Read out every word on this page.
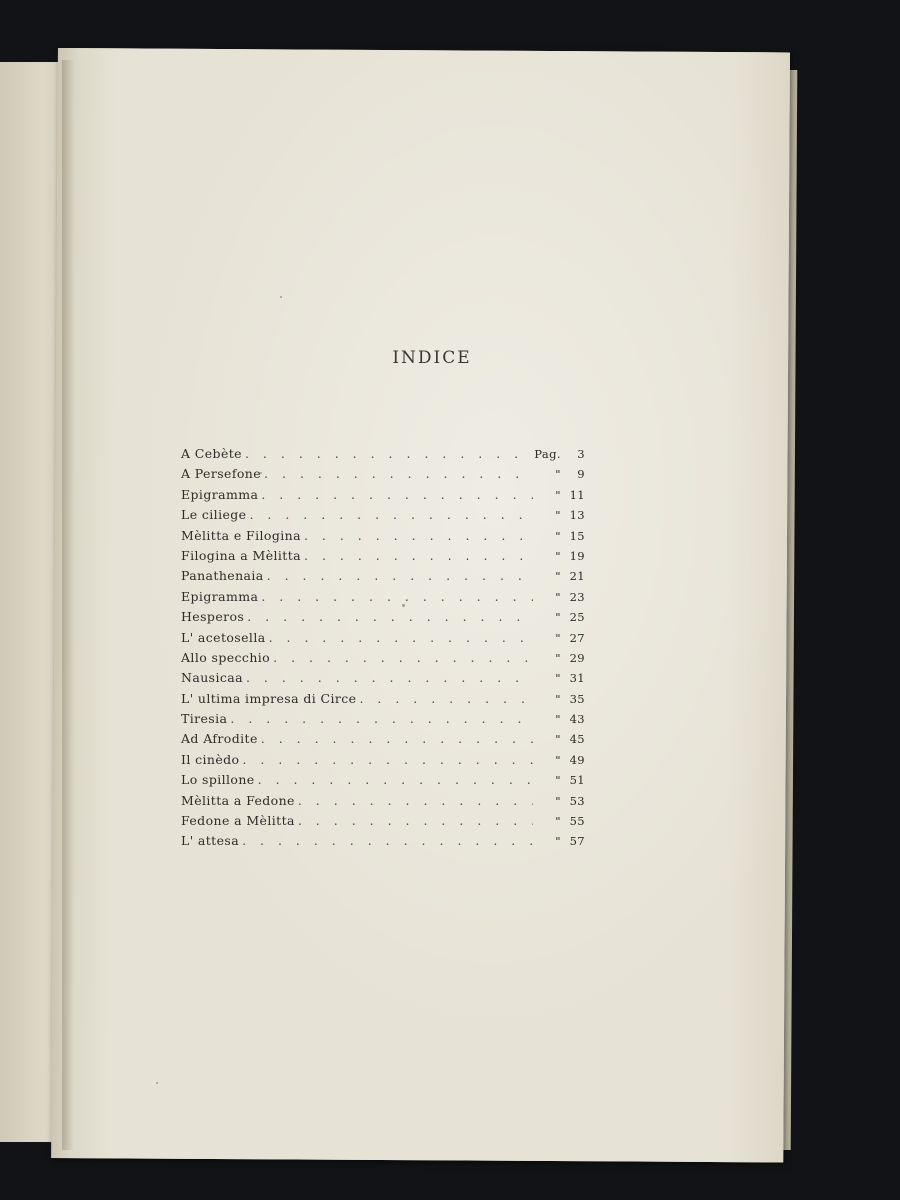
INDICE
A Cebète . . .	Pag.	3
A Persefone . . .	"	9
Epigramma . . .	" 11
Le ciliege . . .	" 13
Mèlitta e Filogina . . .	" 15
Filogina a Mèlitta . . .	" 19
Panathenaia . . .	" 21
Epigramma . . .	" 23
Hesperos . . .	" 25
L' acetosella . . .	" 27
Allo specchio . . .	" 29
Nausicaa . . .	" 31
L' ultima impresa di Circe . . .	" 35
Tiresia . . .	" 43
Ad Afrodite . . .	" 45
Il cinèdo . . .	" 49
Lo spillone . . .	" 51
Mèlitta a Fedone . . .	" 53
Fedone a Mèlitta . . .	" 55
L' attesa . . .	" 57
